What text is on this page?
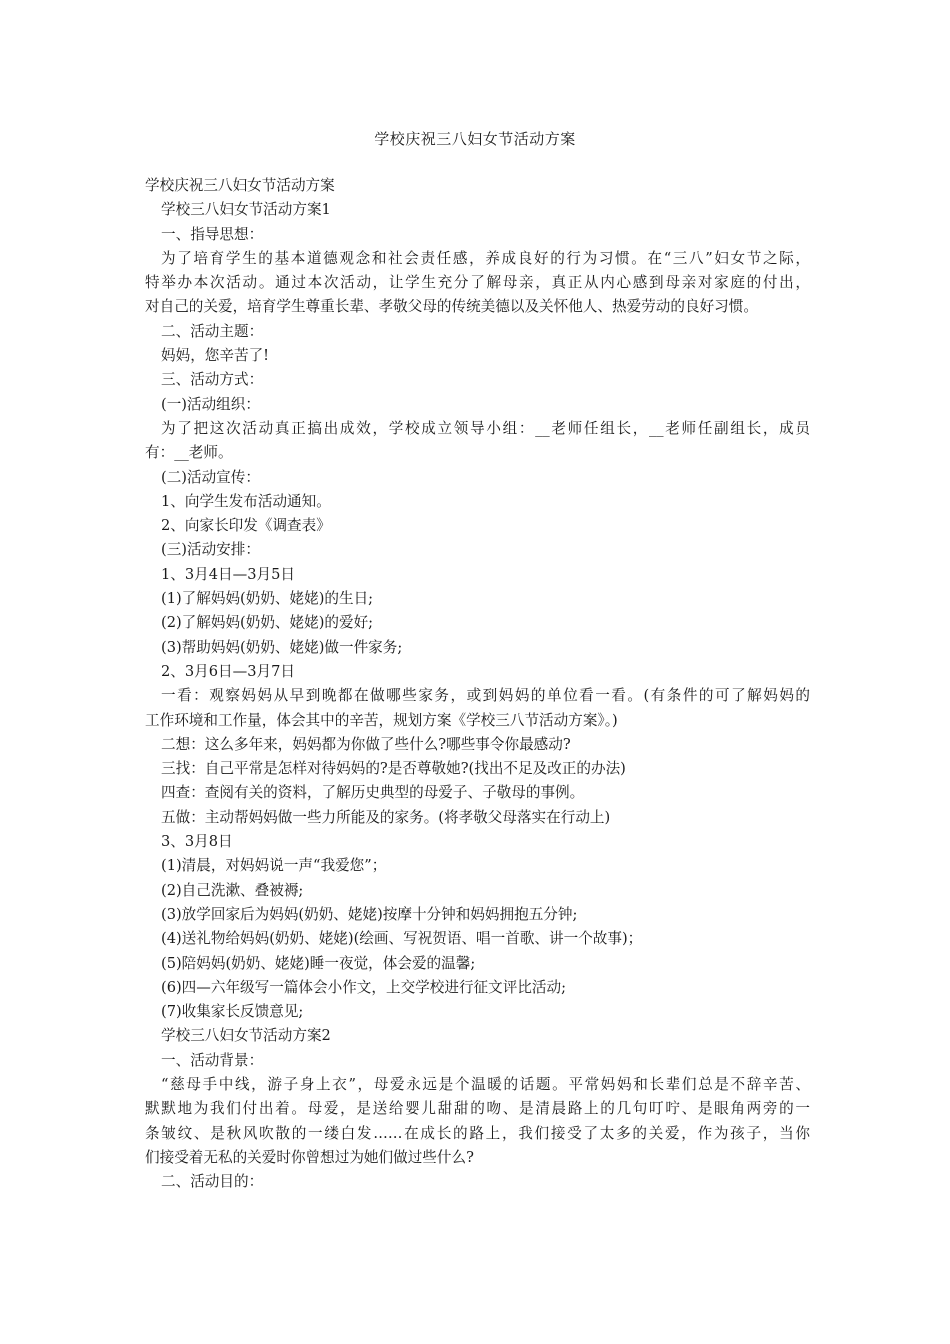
学校庆祝三八妇女节活动方案
学校庆祝三八妇女节活动方案
学校三八妇女节活动方案1
一、指导思想：
为了培育学生的基本道德观念和社会责任感，养成良好的行为习惯。在“三八”妇女节之际，
特举办本次活动。通过本次活动，让学生充分了解母亲，真正从内心感到母亲对家庭的付出，
对自己的关爱，培育学生尊重长辈、孝敬父母的传统美德以及关怀他人、热爱劳动的良好习惯。
二、活动主题：
妈妈，您辛苦了!
三、活动方式：
(一)活动组织：
为了把这次活动真正搞出成效，学校成立领导小组：__老师任组长，__老师任副组长，成员
有：__老师。
(二)活动宣传：
1、向学生发布活动通知。
2、向家长印发《调查表》
(三)活动安排：
1、3月4日—3月5日
(1)了解妈妈(奶奶、姥姥)的生日;
(2)了解妈妈(奶奶、姥姥)的爱好;
(3)帮助妈妈(奶奶、姥姥)做一件家务;
2、3月6日—3月7日
一看：观察妈妈从早到晚都在做哪些家务，或到妈妈的单位看一看。(有条件的可了解妈妈的
工作环境和工作量，体会其中的辛苦，规划方案《学校三八节活动方案》。)
二想：这么多年来，妈妈都为你做了些什么?哪些事令你最感动?
三找：自己平常是怎样对待妈妈的?是否尊敬她?(找出不足及改正的办法)
四查：查阅有关的资料，了解历史典型的母爱子、子敬母的事例。
五做：主动帮妈妈做一些力所能及的家务。(将孝敬父母落实在行动上)
3、3月8日
(1)清晨，对妈妈说一声“我爱您”；
(2)自己洗漱、叠被褥;
(3)放学回家后为妈妈(奶奶、姥姥)按摩十分钟和妈妈拥抱五分钟;
(4)送礼物给妈妈(奶奶、姥姥)(绘画、写祝贺语、唱一首歌、讲一个故事)；
(5)陪妈妈(奶奶、姥姥)睡一夜觉，体会爱的温馨;
(6)四—六年级写一篇体会小作文，上交学校进行征文评比活动;
(7)收集家长反馈意见;
学校三八妇女节活动方案2
一、活动背景：
“慈母手中线，游子身上衣”，母爱永远是个温暖的话题。平常妈妈和长辈们总是不辞辛苦、
默默地为我们付出着。母爱，是送给婴儿甜甜的吻、是清晨路上的几句叮咛、是眼角两旁的一
条皱纹、是秋风吹散的一缕白发……在成长的路上，我们接受了太多的关爱，作为孩子，当你
们接受着无私的关爱时你曾想过为她们做过些什么?
二、活动目的：
